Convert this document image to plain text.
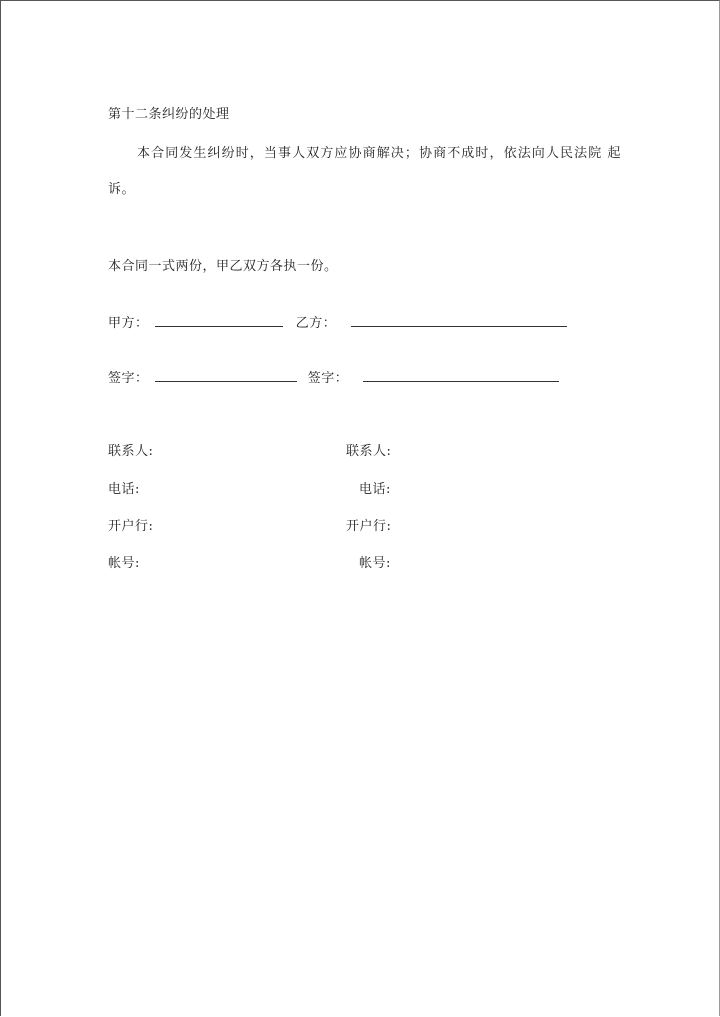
第十二条纠纷的处理
本合同发生纠纷时，当事人双方应协商解决；协商不成时，依法向人民法院 起
诉。
本合同一式两份，甲乙双方各执一份。
甲方：	乙方：
签字：	签字：
联系人:
电话:
开户行:
帐号:
联系人:
电话:
开户行:
帐号:
